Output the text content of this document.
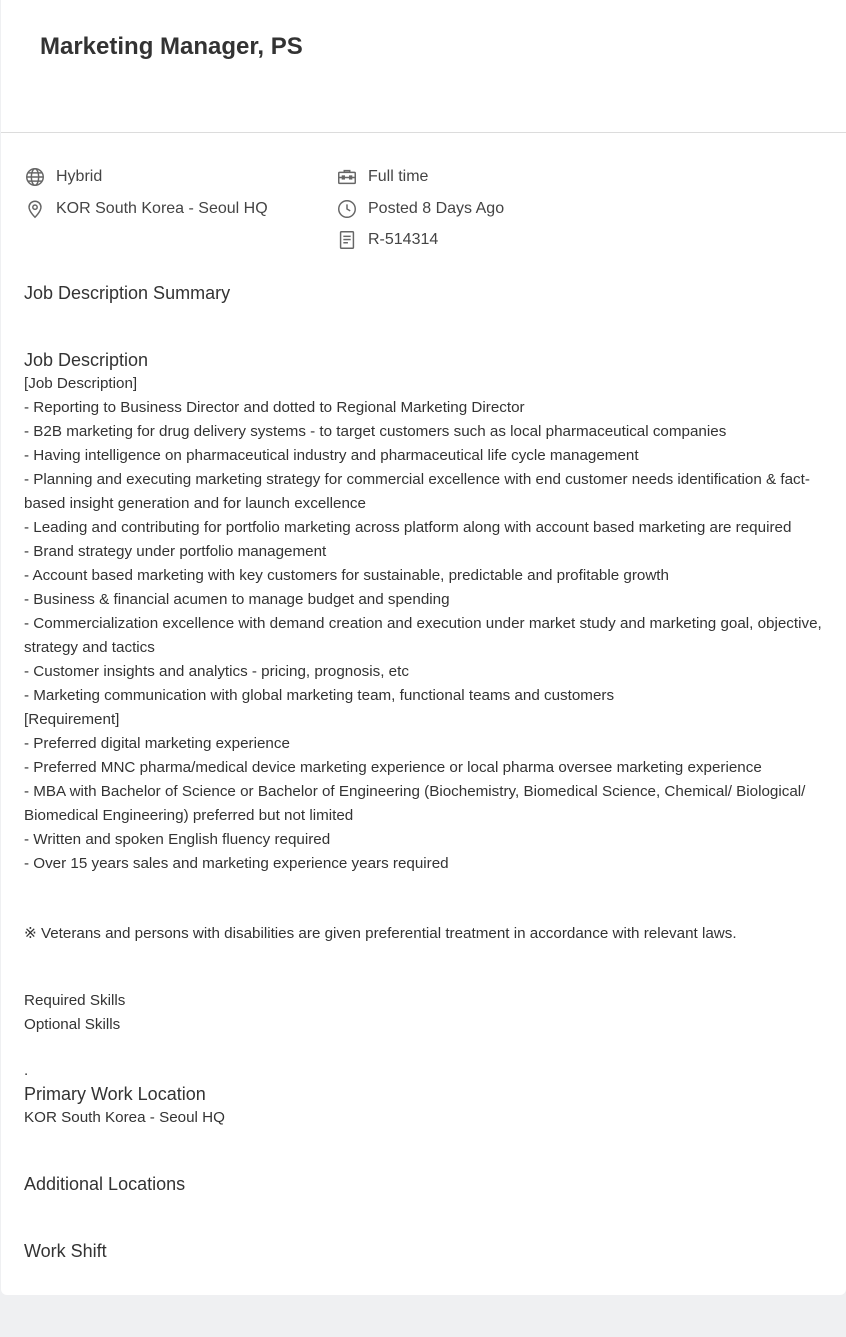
Marketing Manager, PS
Hybrid
KOR South Korea - Seoul HQ
Full time
Posted 8 Days Ago
R-514314
Job Description Summary
Job Description

[Job Description]

- Reporting to Business Director and dotted to Regional Marketing Director

- B2B marketing for drug delivery systems - to target customers such as local pharmaceutical companies

- Having intelligence on pharmaceutical industry and pharmaceutical life cycle management

- Planning and executing marketing strategy for commercial excellence with end customer needs identification & fact-based insight generation and for launch excellence

- Leading and contributing for portfolio marketing across platform along with account based marketing are required

- Brand strategy under portfolio management

- Account based marketing with key customers for sustainable, predictable and profitable growth

- Business & financial acumen to manage budget and spending

- Commercialization excellence with demand creation and execution under market study and marketing goal, objective, strategy and tactics

- Customer insights and analytics - pricing, prognosis, etc

- Marketing communication with global marketing team, functional teams and customers

[Requirement]

- Preferred digital marketing experience

- Preferred MNC pharma/medical device marketing experience or local pharma oversee marketing experience

- MBA with Bachelor of Science or Bachelor of Engineering (Biochemistry, Biomedical Science, Chemical/ Biological/ Biomedical Engineering) preferred but not limited

- Written and spoken English fluency required

- Over 15 years sales and marketing experience years required

※ Veterans and persons with disabilities are given preferential treatment in accordance with relevant laws.
Required Skills
Optional Skills
.
Primary Work Location
KOR South Korea - Seoul HQ
Additional Locations
Work Shift
